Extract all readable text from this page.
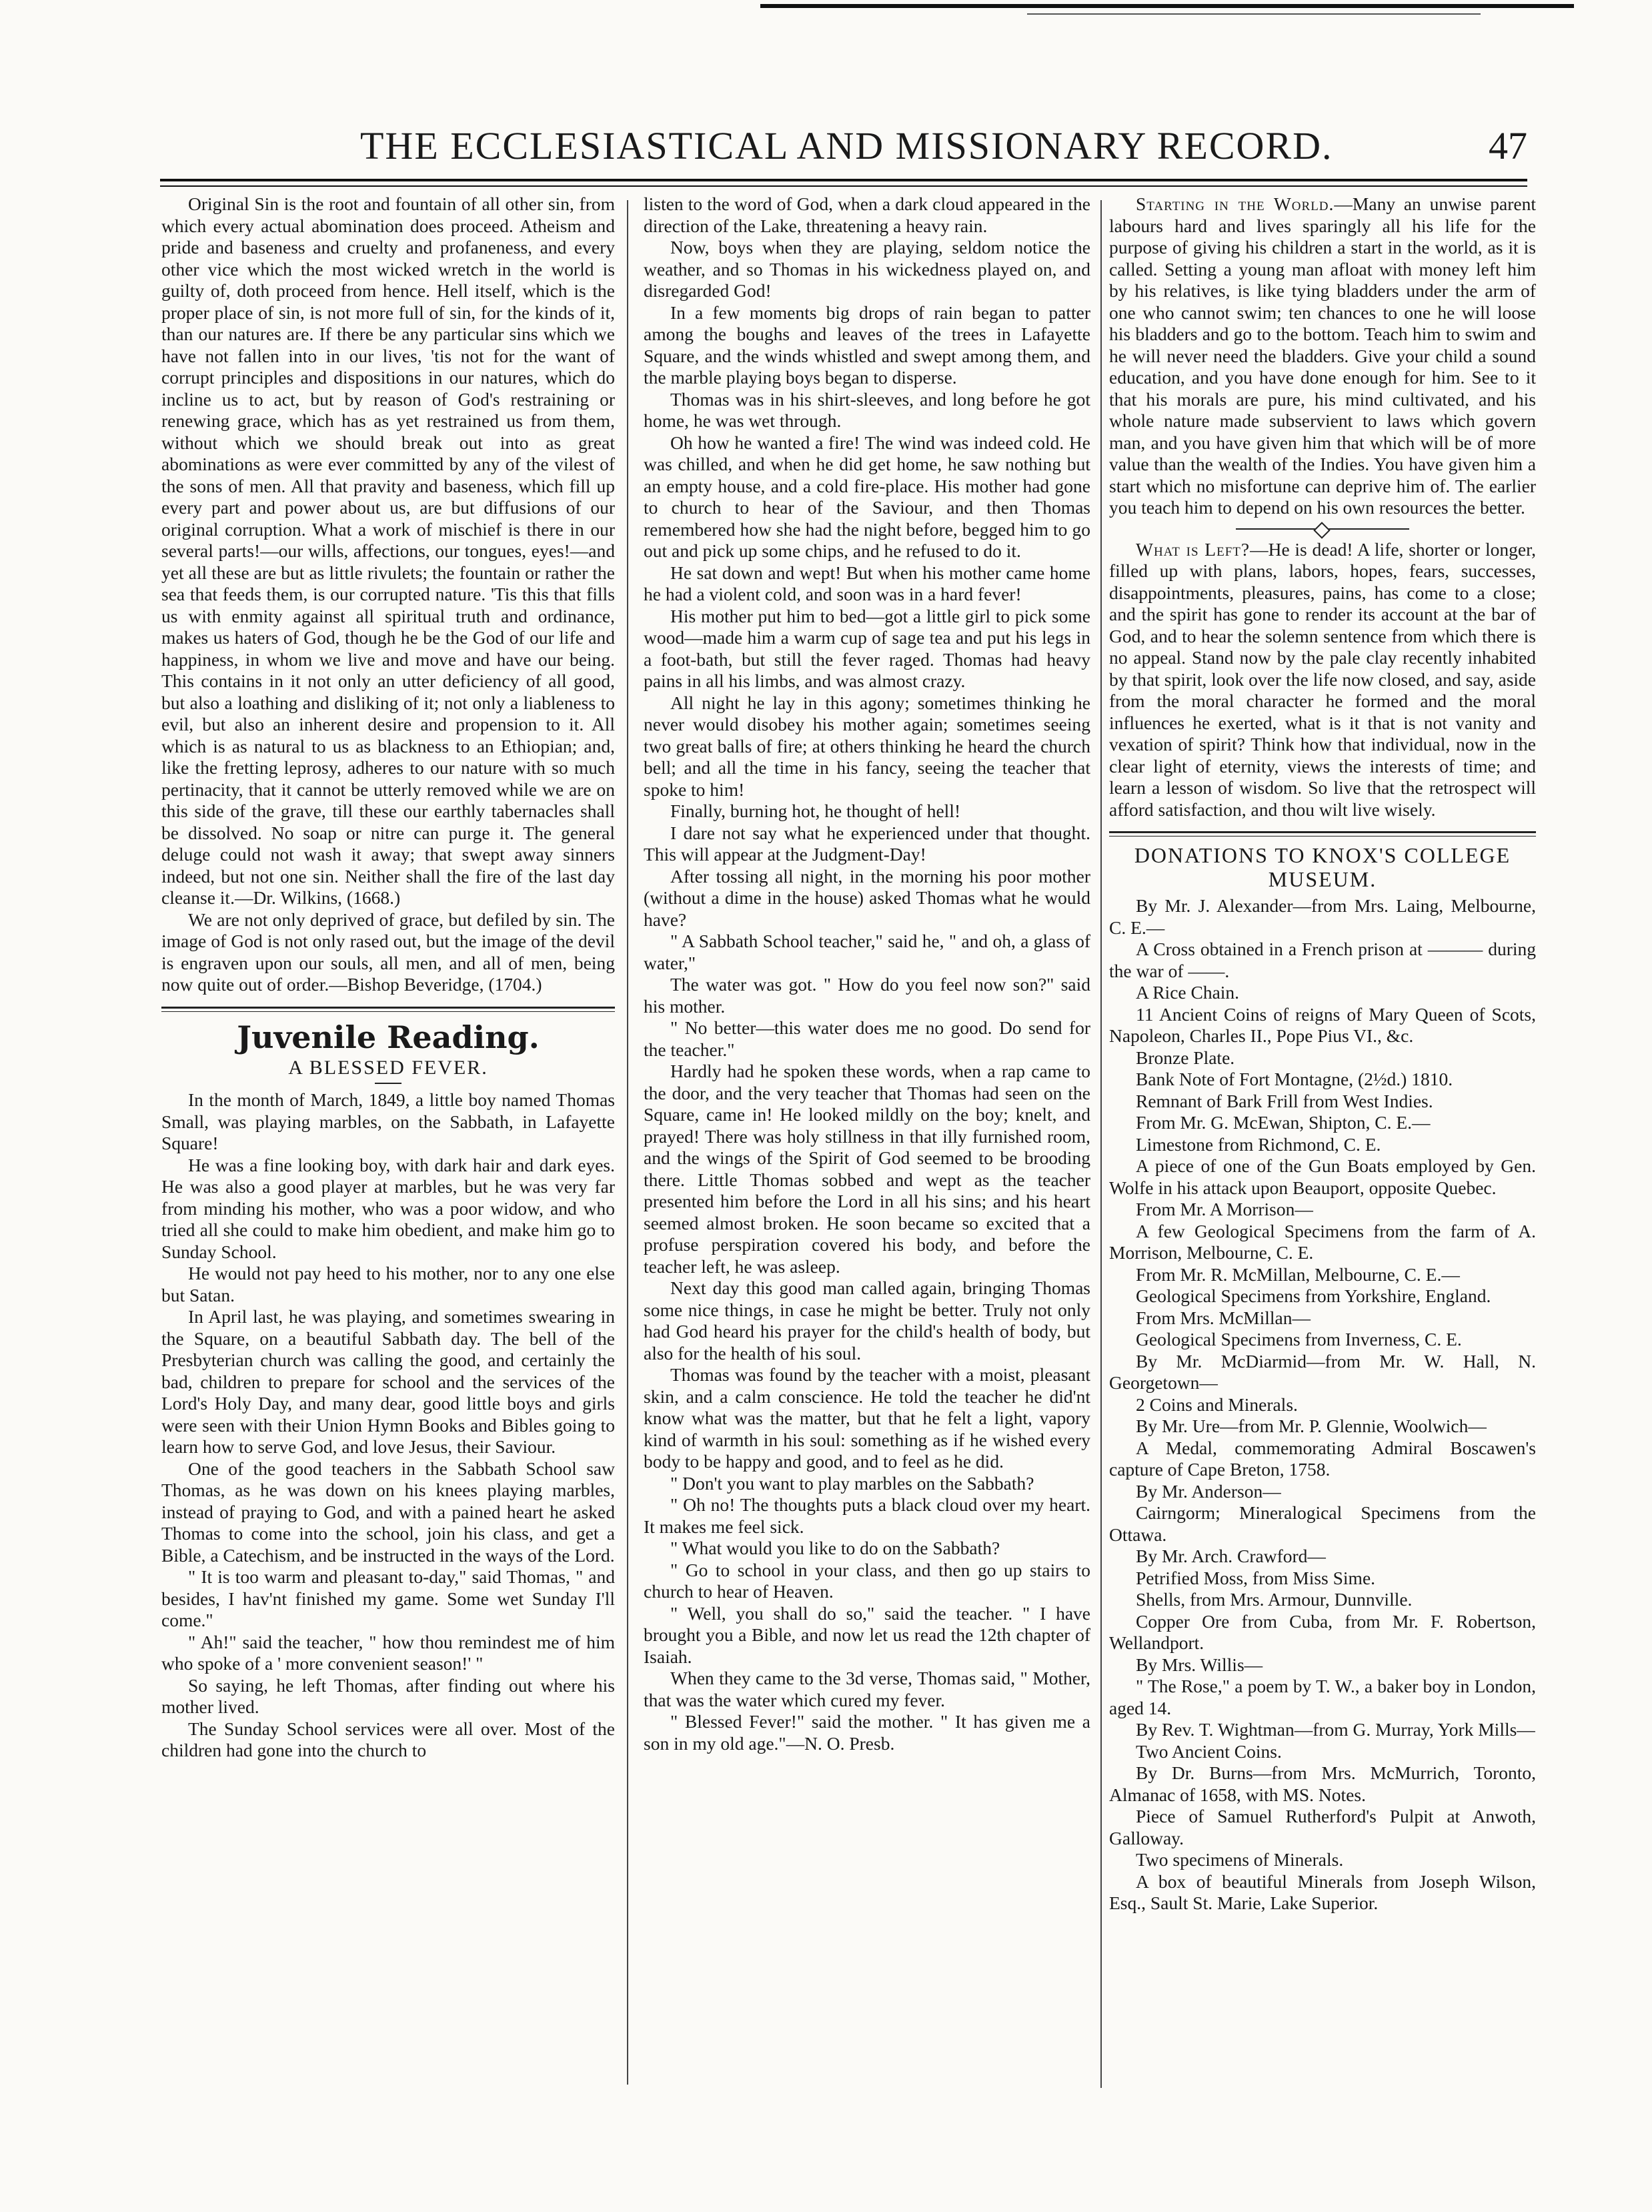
THE ECCLESIASTICAL AND MISSIONARY RECORD.	47

Original Sin is the root and fountain of all other sin, from which every actual abomination does proceed. Atheism and pride and baseness and cruelty and profaneness, and every other vice which the most wicked wretch in the world is guilty of, doth proceed from hence. Hell itself, which is the proper place of sin, is not more full of sin, for the kinds of it, than our natures are. If there be any particular sins which we have not fallen into in our lives, 'tis not for the want of corrupt principles and dispositions in our natures, which do incline us to act, but by reason of God's restraining or renewing grace, which has as yet restrained us from them, without which we should break out into as great abominations as were ever committed by any of the vilest of the sons of men. All that pravity and baseness, which fill up every part and power about us, are but diffusions of our original corruption. What a work of mischief is there in our several parts!—our wills, affections, our tongues, eyes!—and yet all these are but as little rivulets; the fountain or rather the sea that feeds them, is our corrupted nature. 'Tis this that fills us with enmity against all spiritual truth and ordinance, makes us haters of God, though he be the God of our life and happiness, in whom we live and move and have our being. This contains in it not only an utter deficiency of all good, but also a loathing and disliking of it; not only a liableness to evil, but also an inherent desire and propension to it. All which is as natural to us as blackness to an Ethiopian; and, like the fretting leprosy, adheres to our nature with so much pertinacity, that it cannot be utterly removed while we are on this side of the grave, till these our earthly tabernacles shall be dissolved. No soap or nitre can purge it. The general deluge could not wash it away; that swept away sinners indeed, but not one sin. Neither shall the fire of the last day cleanse it.—Dr. Wilkins, (1668.)

We are not only deprived of grace, but defiled by sin. The image of God is not only rased out, but the image of the devil is engraven upon our souls, all men, and all of men, being now quite out of order.—Bishop Beveridge, (1704.)

Juvenile Reading.
A BLESSED FEVER.

In the month of March, 1849, a little boy named Thomas Small, was playing marbles, on the Sabbath, in Lafayette Square!

He was a fine looking boy, with dark hair and dark eyes. He was also a good player at marbles, but he was very far from minding his mother, who was a poor widow, and who tried all she could to make him obedient, and make him go to Sunday School.

He would not pay heed to his mother, nor to any one else but Satan.

In April last, he was playing, and sometimes swearing in the Square, on a beautiful Sabbath day. The bell of the Presbyterian church was calling the good, and certainly the bad, children to prepare for school and the services of the Lord's Holy Day, and many dear, good little boys and girls were seen with their Union Hymn Books and Bibles going to learn how to serve God, and love Jesus, their Saviour.

One of the good teachers in the Sabbath School saw Thomas, as he was down on his knees playing marbles, instead of praying to God, and with a pained heart he asked Thomas to come into the school, join his class, and get a Bible, a Catechism, and be instructed in the ways of the Lord.

" It is too warm and pleasant to-day," said Thomas, " and besides, I hav'nt finished my game. Some wet Sunday I'll come."

" Ah!" said the teacher, " how thou remindest me of him who spoke of a ' more convenient season!' "

So saying, he left Thomas, after finding out where his mother lived.

The Sunday School services were all over. Most of the children had gone into the church to

listen to the word of God, when a dark cloud appeared in the direction of the Lake, threatening a heavy rain.

Now, boys when they are playing, seldom notice the weather, and so Thomas in his wickedness played on, and disregarded God!

In a few moments big drops of rain began to patter among the boughs and leaves of the trees in Lafayette Square, and the winds whistled and swept among them, and the marble playing boys began to disperse.

Thomas was in his shirt-sleeves, and long before he got home, he was wet through.

Oh how he wanted a fire! The wind was indeed cold. He was chilled, and when he did get home, he saw nothing but an empty house, and a cold fire-place. His mother had gone to church to hear of the Saviour, and then Thomas remembered how she had the night before, begged him to go out and pick up some chips, and he refused to do it.

He sat down and wept! But when his mother came home he had a violent cold, and soon was in a hard fever!

His mother put him to bed—got a little girl to pick some wood—made him a warm cup of sage tea and put his legs in a foot-bath, but still the fever raged. Thomas had heavy pains in all his limbs, and was almost crazy.

All night he lay in this agony; sometimes thinking he never would disobey his mother again; sometimes seeing two great balls of fire; at others thinking he heard the church bell; and all the time in his fancy, seeing the teacher that spoke to him!

Finally, burning hot, he thought of hell!

I dare not say what he experienced under that thought. This will appear at the Judgment-Day!

After tossing all night, in the morning his poor mother (without a dime in the house) asked Thomas what he would have?

" A Sabbath School teacher," said he, " and oh, a glass of water,"

The water was got. " How do you feel now son?" said his mother.

" No better—this water does me no good. Do send for the teacher."

Hardly had he spoken these words, when a rap came to the door, and the very teacher that Thomas had seen on the Square, came in! He looked mildly on the boy; knelt, and prayed! There was holy stillness in that illy furnished room, and the wings of the Spirit of God seemed to be brooding there. Little Thomas sobbed and wept as the teacher presented him before the Lord in all his sins; and his heart seemed almost broken. He soon became so excited that a profuse perspiration covered his body, and before the teacher left, he was asleep.

Next day this good man called again, bringing Thomas some nice things, in case he might be better. Truly not only had God heard his prayer for the child's health of body, but also for the health of his soul.

Thomas was found by the teacher with a moist, pleasant skin, and a calm conscience. He told the teacher he did'nt know what was the matter, but that he felt a light, vapory kind of warmth in his soul: something as if he wished every body to be happy and good, and to feel as he did.

" Don't you want to play marbles on the Sabbath?

" Oh no! The thoughts puts a black cloud over my heart. It makes me feel sick.

" What would you like to do on the Sabbath?

" Go to school in your class, and then go up stairs to church to hear of Heaven.

" Well, you shall do so," said the teacher. " I have brought you a Bible, and now let us read the 12th chapter of Isaiah.

When they came to the 3d verse, Thomas said, " Mother, that was the water which cured my fever.

" Blessed Fever!" said the mother. " It has given me a son in my old age."—N. O. Presb.

Starting in the World.—Many an unwise parent labours hard and lives sparingly all his life for the purpose of giving his children a start in the world, as it is called. Setting a young man afloat with money left him by his relatives, is like tying bladders under the arm of one who cannot swim; ten chances to one he will loose his bladders and go to the bottom. Teach him to swim and he will never need the bladders. Give your child a sound education, and you have done enough for him. See to it that his morals are pure, his mind cultivated, and his whole nature made subservient to laws which govern man, and you have given him that which will be of more value than the wealth of the Indies. You have given him a start which no misfortune can deprive him of. The earlier you teach him to depend on his own resources the better.

What is Left?—He is dead! A life, shorter or longer, filled up with plans, labors, hopes, fears, successes, disappointments, pleasures, pains, has come to a close; and the spirit has gone to render its account at the bar of God, and to hear the solemn sentence from which there is no appeal. Stand now by the pale clay recently inhabited by that spirit, look over the life now closed, and say, aside from the moral character he formed and the moral influences he exerted, what is it that is not vanity and vexation of spirit? Think how that individual, now in the clear light of eternity, views the interests of time; and learn a lesson of wisdom. So live that the retrospect will afford satisfaction, and thou wilt live wisely.

DONATIONS TO KNOX'S COLLEGE MUSEUM.

By Mr. J. Alexander—from Mrs. Laing, Melbourne, C. E.—

A Cross obtained in a French prison at ——— during the war of ——.

A Rice Chain.

11 Ancient Coins of reigns of Mary Queen of Scots, Napoleon, Charles II., Pope Pius VI., &c.

Bronze Plate.

Bank Note of Fort Montagne, (2½d.) 1810.

Remnant of Bark Frill from West Indies.

From Mr. G. McEwan, Shipton, C. E.—

Limestone from Richmond, C. E.

A piece of one of the Gun Boats employed by Gen. Wolfe in his attack upon Beauport, opposite Quebec.

From Mr. A Morrison—

A few Geological Specimens from the farm of A. Morrison, Melbourne, C. E.

From Mr. R. McMillan, Melbourne, C. E.—

Geological Specimens from Yorkshire, England.

From Mrs. McMillan—

Geological Specimens from Inverness, C. E.

By Mr. McDiarmid—from Mr. W. Hall, N. Georgetown—

2 Coins and Minerals.

By Mr. Ure—from Mr. P. Glennie, Woolwich—

A Medal, commemorating Admiral Boscawen's capture of Cape Breton, 1758.

By Mr. Anderson—

Cairngorm; Mineralogical Specimens from the Ottawa.

By Mr. Arch. Crawford—

Petrified Moss, from Miss Sime.

Shells, from Mrs. Armour, Dunnville.

Copper Ore from Cuba, from Mr. F. Robertson, Wellandport.

By Mrs. Willis—

" The Rose," a poem by T. W., a baker boy in London, aged 14.

By Rev. T. Wightman—from G. Murray, York Mills—

Two Ancient Coins.

By Dr. Burns—from Mrs. McMurrich, Toronto, Almanac of 1658, with MS. Notes.

Piece of Samuel Rutherford's Pulpit at Anwoth, Galloway.

Two specimens of Minerals.

A box of beautiful Minerals from Joseph Wilson, Esq., Sault St. Marie, Lake Superior.
